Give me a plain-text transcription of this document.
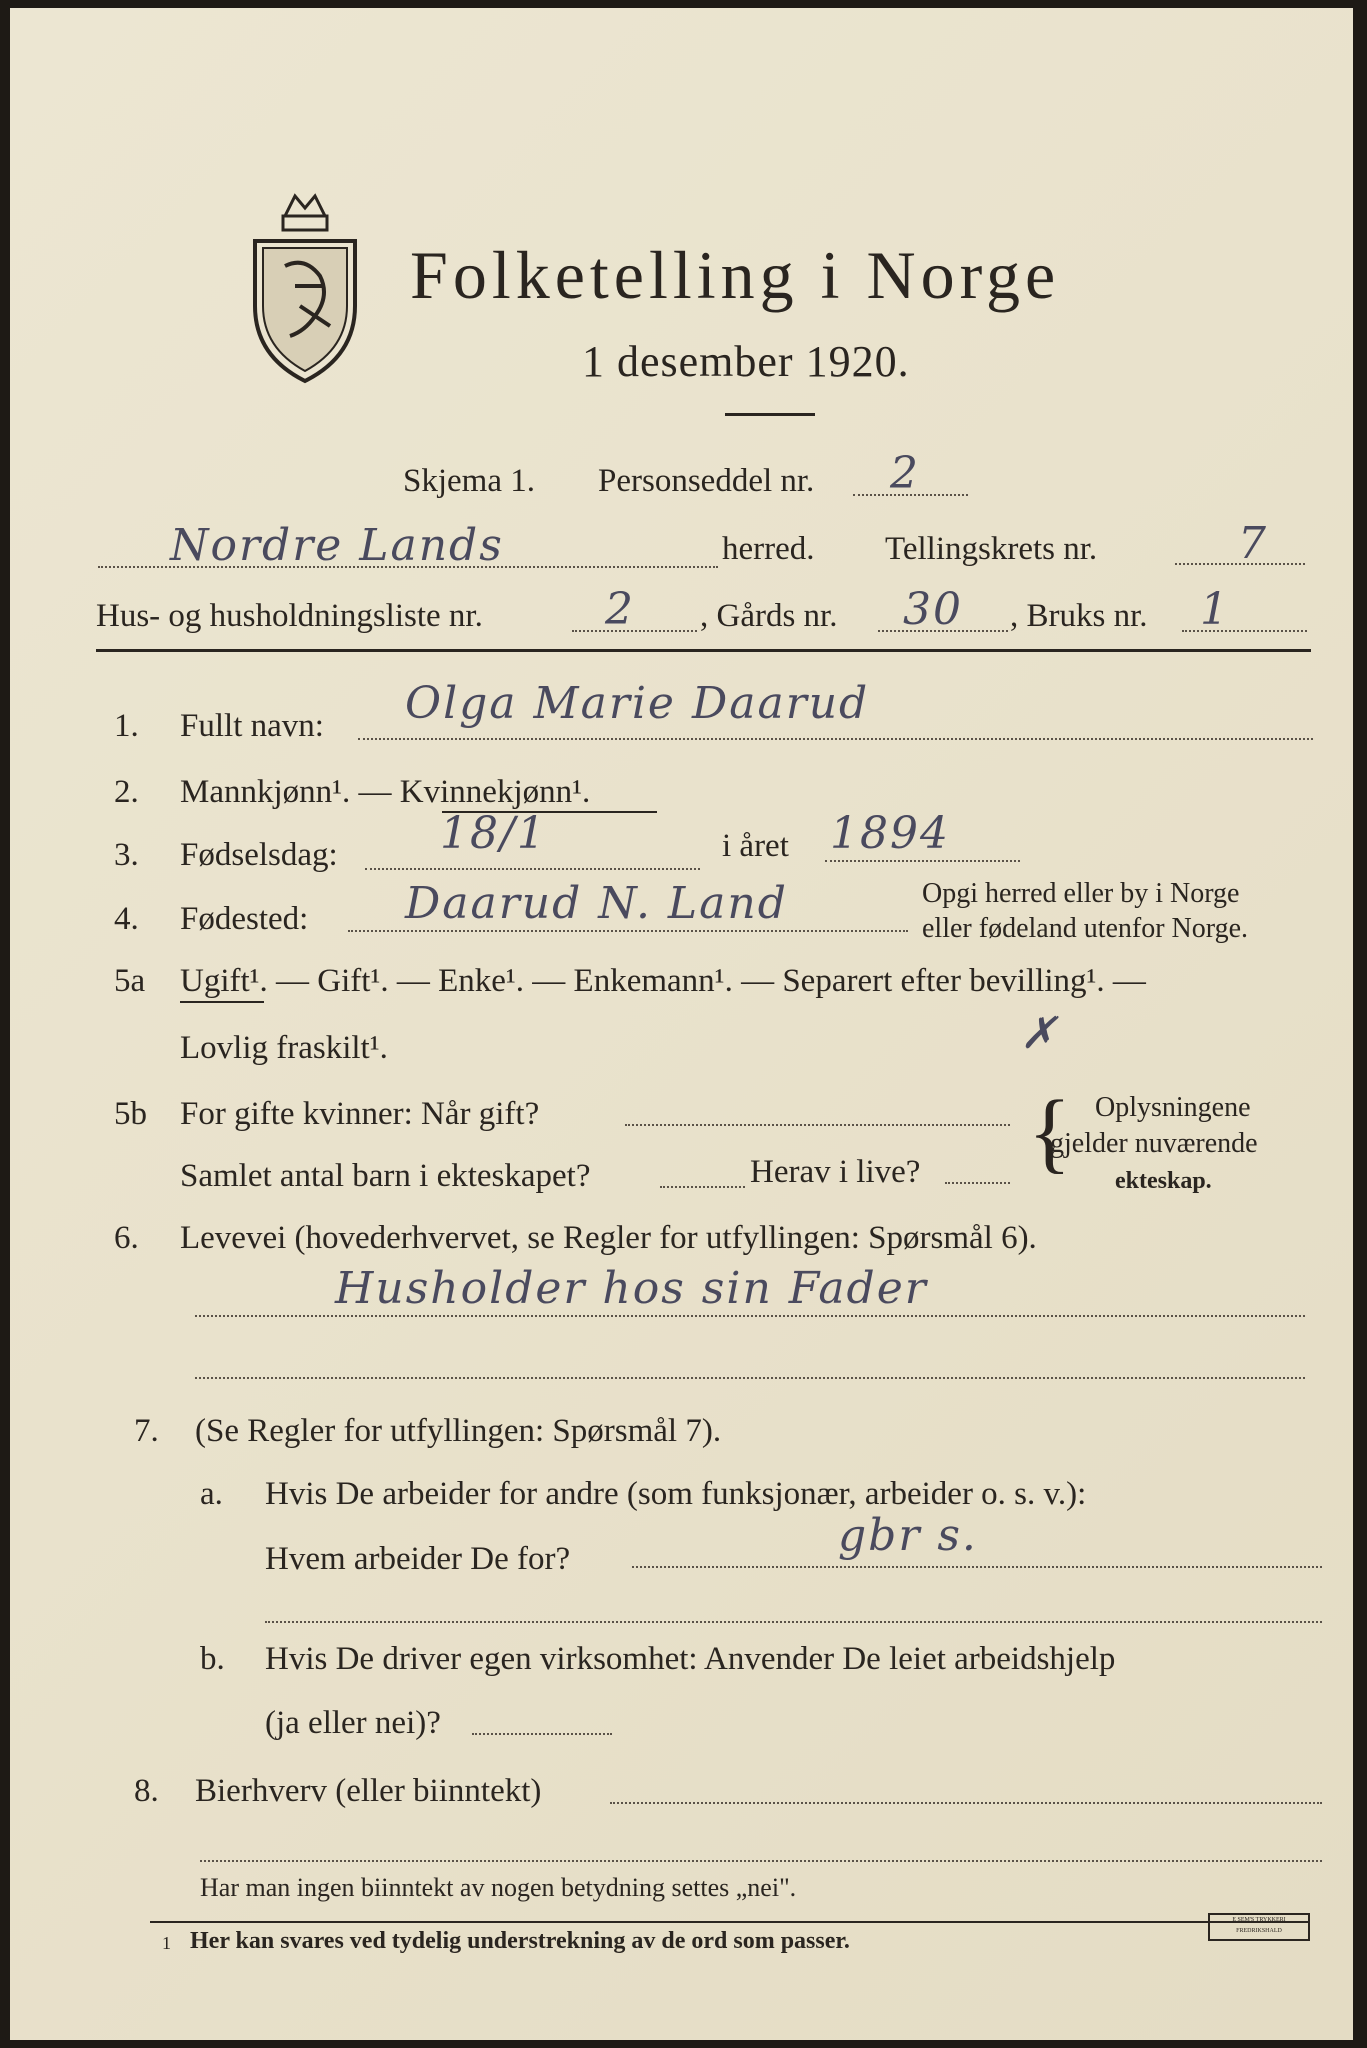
Folketelling i Norge
1 desember 1920.
Skjema 1. Personseddel nr. 2
Nordre Lands	herred. Tellingskrets nr.	7
Hus- og husholdningsliste nr.	2 , Gårds nr. 30 , Bruks nr. 1
1. Fullt navn: Olga Marie Daarud
2. Mannkjønn¹. — Kvinnekjønn¹.
3. Fødselsdag: 18/1	i året 1894
4. Fødested: Daarud N. Land	Opgi herred eller by i Norge
eller fødeland utenfor Norge.
5a Ugift¹. — Gift¹. — Enke¹. — Enkemann¹. — Separert efter bevilling¹. —
Lovlig fraskilt¹.	✗
5b For gifte kvinner: Når gift?
Samlet antal barn i ekteskapet?	Herav i live? { Oplysningene
gjelder nuværende
ekteskap.
6. Levevei (hovederhvervet, se Regler for utfyllingen: Spørsmål 6).
Husholder hos sin Fader
7. (Se Regler for utfyllingen: Spørsmål 7).
a. Hvis De arbeider for andre (som funksjonær, arbeider o. s. v.):
Hvem arbeider De for?	gbr s.
b. Hvis De driver egen virksomhet: Anvender De leiet arbeidshjelp
(ja eller nei)?
8. Bierhverv (eller biinntekt)
Har man ingen biinntekt av nogen betydning settes „nei".
1 Her kan svares ved tydelig understrekning av de ord som passer.
E SEM'S TRYKKERI FREDRIKSHALD
